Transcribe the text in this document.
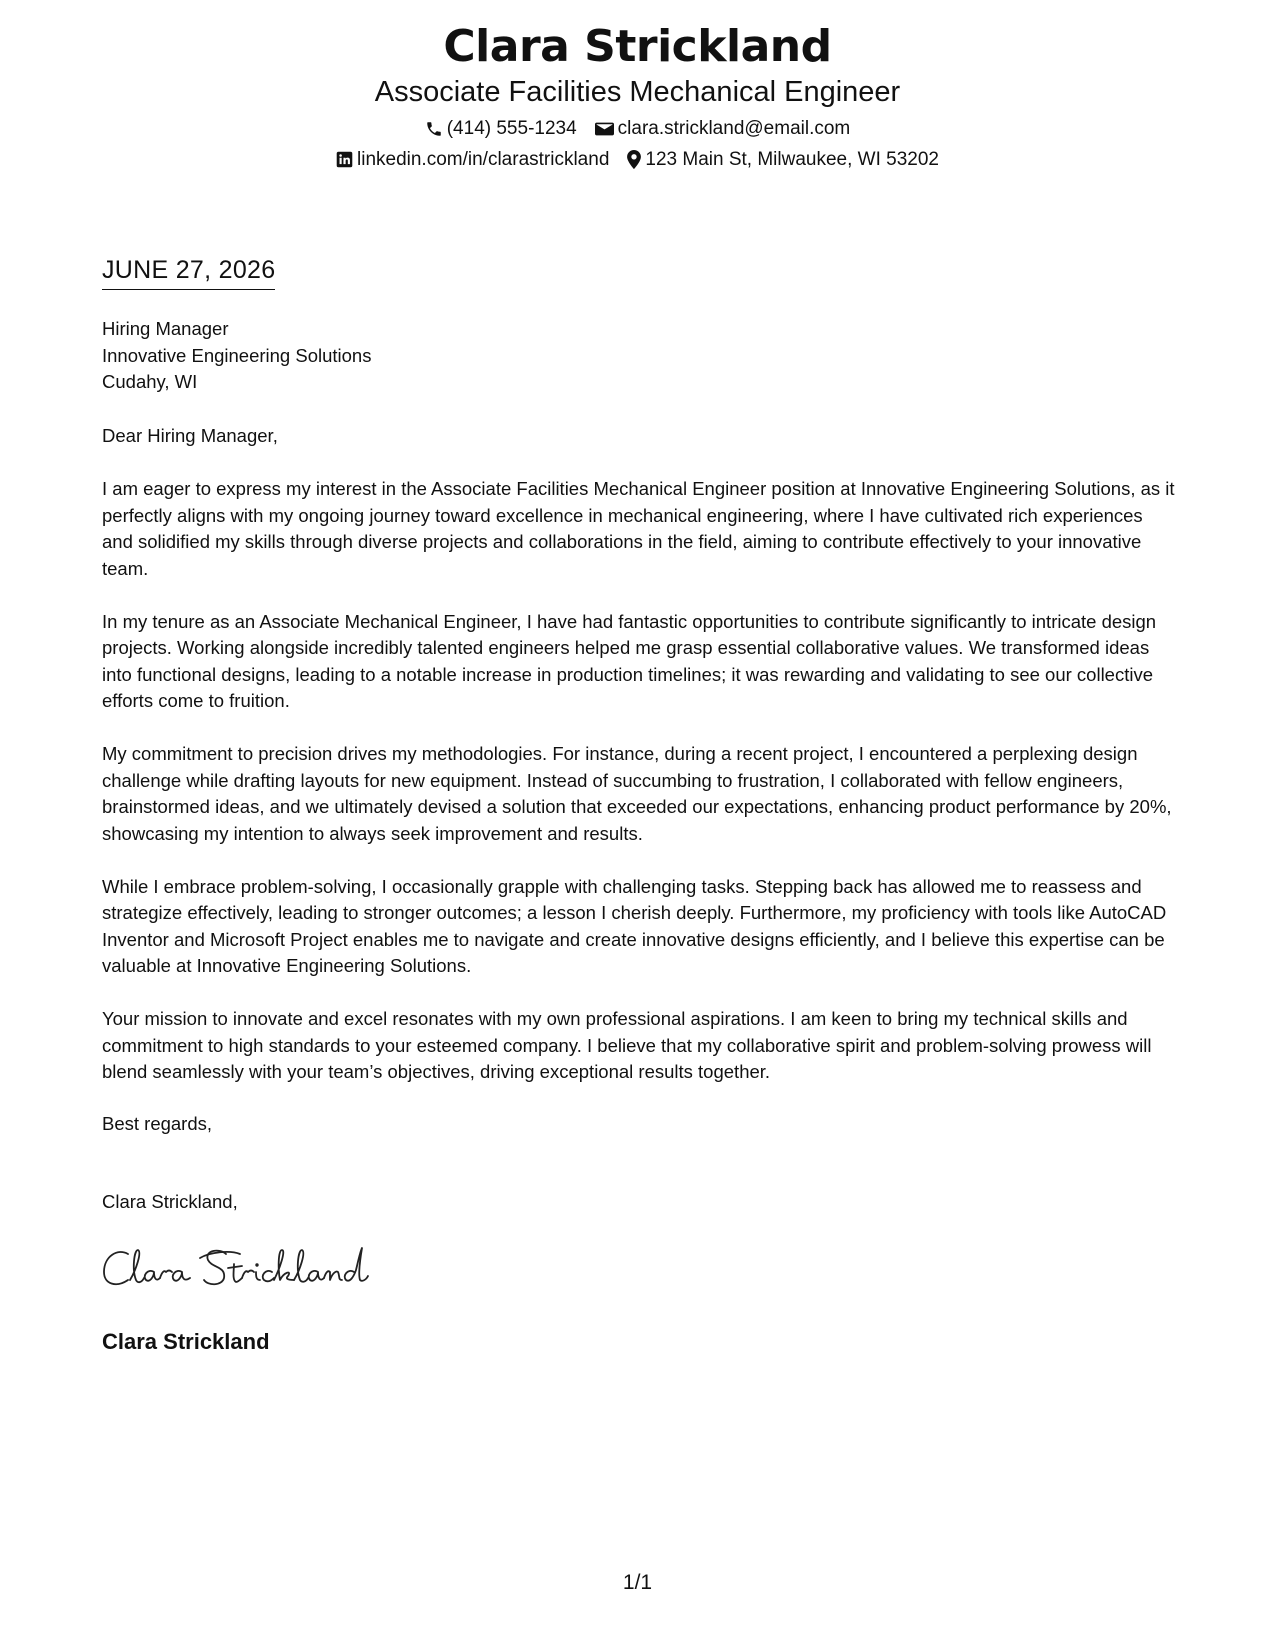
Clara Strickland
Associate Facilities Mechanical Engineer
(414) 555-1234 clara.strickland@email.com
linkedin.com/in/clarastrickland 123 Main St, Milwaukee, WI 53202
JUNE 27, 2026
Hiring Manager
Innovative Engineering Solutions
Cudahy, WI

Dear Hiring Manager,

I am eager to express my interest in the Associate Facilities Mechanical Engineer position at Innovative Engineering Solutions, as it perfectly aligns with my ongoing journey toward excellence in mechanical engineering, where I have cultivated rich experiences and solidified my skills through diverse projects and collaborations in the field, aiming to contribute effectively to your innovative team.

In my tenure as an Associate Mechanical Engineer, I have had fantastic opportunities to contribute significantly to intricate design projects. Working alongside incredibly talented engineers helped me grasp essential collaborative values. We transformed ideas into functional designs, leading to a notable increase in production timelines; it was rewarding and validating to see our collective efforts come to fruition.

My commitment to precision drives my methodologies. For instance, during a recent project, I encountered a perplexing design challenge while drafting layouts for new equipment. Instead of succumbing to frustration, I collaborated with fellow engineers, brainstormed ideas, and we ultimately devised a solution that exceeded our expectations, enhancing product performance by 20%, showcasing my intention to always seek improvement and results.

While I embrace problem-solving, I occasionally grapple with challenging tasks. Stepping back has allowed me to reassess and strategize effectively, leading to stronger outcomes; a lesson I cherish deeply. Furthermore, my proficiency with tools like AutoCAD Inventor and Microsoft Project enables me to navigate and create innovative designs efficiently, and I believe this expertise can be valuable at Innovative Engineering Solutions.

Your mission to innovate and excel resonates with my own professional aspirations. I am keen to bring my technical skills and commitment to high standards to your esteemed company. I believe that my collaborative spirit and problem-solving prowess will blend seamlessly with your team’s objectives, driving exceptional results together.

Best regards,
Clara Strickland,
Clara Strickland
1/1
